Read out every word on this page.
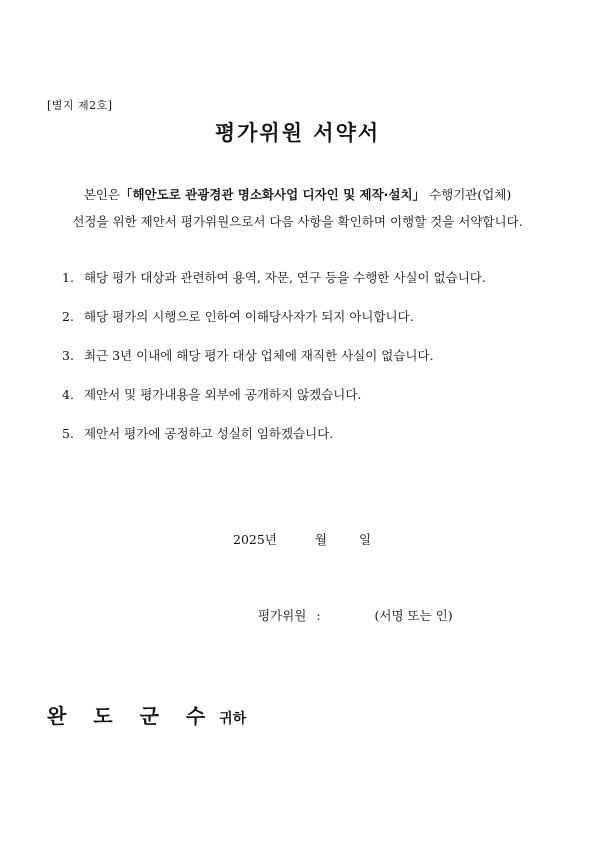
[별지 제2호]
평가위원 서약서
본인은「해안도로 관광경관 명소화사업 디자인 및 제작·설치」 수행기관(업체)
선정을 위한 제안서 평가위원으로서 다음 사항을 확인하며 이행할 것을 서약합니다.
1. 해당 평가 대상과 관련하여 용역, 자문, 연구 등을 수행한 사실이 없습니다.
2. 해당 평가의 시행으로 인하여 이해당사자가 되지 아니합니다.
3. 최근 3년 이내에 해당 평가 대상 업체에 재직한 사실이 없습니다.
4. 제안서 및 평가내용을 외부에 공개하지 않겠습니다.
5. 제안서 평가에 공정하고 성실히 임하겠습니다.
2025년	월	일
평가위원 :	(서명 또는 인)
완 도 군 수 귀하
